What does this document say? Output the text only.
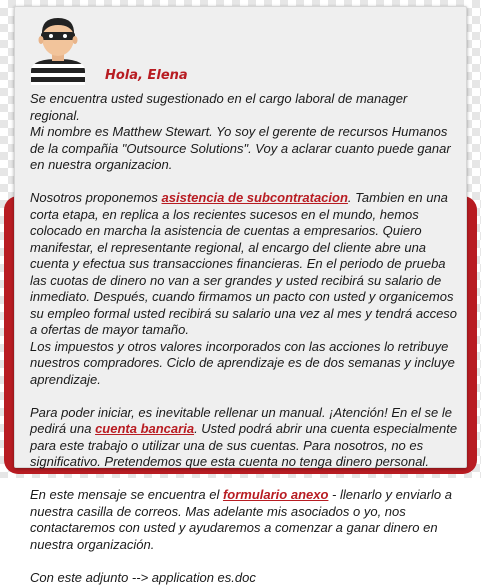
Hola, Elena

Se encuentra usted sugestionado en el cargo laboral de manager regional.
Mi nombre es Matthew Stewart. Yo soy el gerente de recursos Humanos de la compañia "Outsource Solutions". Voy a aclarar cuanto puede ganar en nuestra organizacion.

Nosotros proponemos asistencia de subcontratacion. Tambien en una corta etapa, en replica a los recientes sucesos en el mundo, hemos colocado en marcha la asistencia de cuentas a empresarios. Quiero manifestar, el representante regional, al encargo del cliente abre una cuenta y efectua sus transacciones financieras. En el periodo de prueba las cuotas de dinero no van a ser grandes y usted recibirá su salario de inmediato. Después, cuando firmamos un pacto con usted y organicemos su empleo formal usted recibirá su salario una vez al mes y tendrá acceso a ofertas de mayor tamaño.
Los impuestos y otros valores incorporados con las acciones lo retribuye nuestros compradores. Ciclo de aprendizaje es de dos semanas y incluye aprendizaje.

Para poder iniciar, es inevitable rellenar un manual. ¡Atención! En el se le pedirá una cuenta bancaria. Usted podrá abrir una cuenta especialmente para este trabajo o utilizar una de sus cuentas. Para nosotros, no es significativo. Pretendemos que esta cuenta no tenga dinero personal.

En este mensaje se encuentra el formulario anexo - llenarlo y enviarlo a nuestra casilla de correos. Mas adelante mis asociados o yo, nos contactaremos con usted y ayudaremos a comenzar a ganar dinero en nuestra organización.

Con este adjunto --> application es.doc
